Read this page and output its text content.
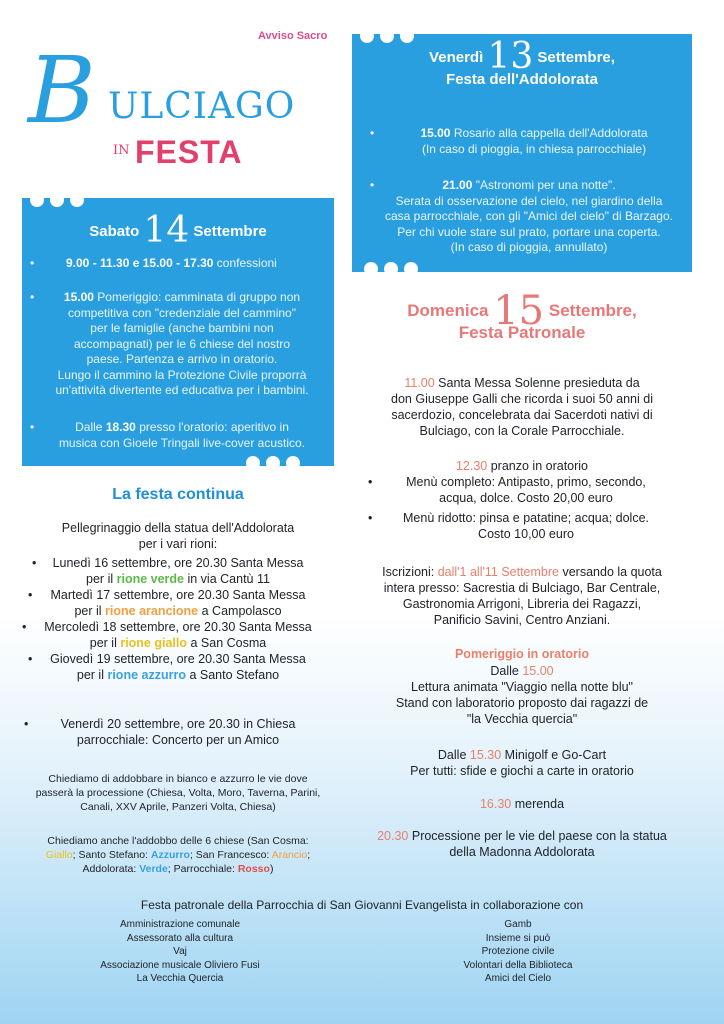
Avviso Sacro
B ULCIAGO
IN FESTA
Venerdì 13 Settembre,
Festa dell'Addolorata
•	15.00 Rosario alla cappella dell'Addolorata
(In caso di pioggia, in chiesa parrocchiale)
•	21.00 "Astronomi per una notte".
Serata di osservazione del cielo, nel giardino della
casa parrocchiale, con gli "Amici del cielo" di Barzago.
Per chi vuole stare sul prato, portare una coperta.
(In caso di pioggia, annullato)
Sabato 14 Settembre
•	9.00 - 11.30 e 15.00 - 17.30 confessioni
• 15.00 Pomeriggio: camminata di gruppo non
competitiva con "credenziale del cammino"
per le famiglie (anche bambini non
accompagnati) per le 6 chiese del nostro
paese. Partenza e arrivo in oratorio.
Lungo il cammino la Protezione Civile proporrà
un'attività divertente ed educativa per i bambini.
•	Dalle 18.30 presso l'oratorio: aperitivo in
musica con Gioele Tringali live-cover acustico.
La festa continua
Pellegrinaggio della statua dell'Addolorata
per i vari rioni:
• Lunedì 16 settembre, ore 20.30 Santa Messa
per il rione verde in via Cantù 11
• Martedì 17 settembre, ore 20.30 Santa Messa
per il rione arancione a Campolasco
• Mercoledì 18 settembre, ore 20.30 Santa Messa
per il rione giallo a San Cosma
• Giovedì 19 settembre, ore 20.30 Santa Messa
per il rione azzurro a Santo Stefano
•	Venerdì 20 settembre, ore 20.30 in Chiesa
parrocchiale: Concerto per un Amico
Chiediamo di addobbare in bianco e azzurro le vie dove
passerà la processione (Chiesa, Volta, Moro, Taverna, Parini,
Canali, XXV Aprile, Panzeri Volta, Chiesa)
Chiediamo anche l'addobbo delle 6 chiese (San Cosma:
Giallo; Santo Stefano: Azzurro; San Francesco: Arancio;
Addolorata: Verde; Parrocchiale: Rosso)
Domenica 15 Settembre,
Festa Patronale
11.00 Santa Messa Solenne presieduta da
don Giuseppe Galli che ricorda i suoi 50 anni di
sacerdozio, concelebrata dai Sacerdoti nativi di
Bulciago, con la Corale Parrocchiale.
12.30 pranzo in oratorio
•	Menù completo: Antipasto, primo, secondo,
acqua, dolce. Costo 20,00 euro
• Menù ridotto: pinsa e patatine; acqua; dolce.
Costo 10,00 euro
Iscrizioni: dall'1 all'11 Settembre versando la quota
intera presso: Sacrestia di Bulciago, Bar Centrale,
Gastronomia Arrigoni, Libreria dei Ragazzi,
Panificio Savini, Centro Anziani.
Pomeriggio in oratorio
Dalle 15.00
Lettura animata "Viaggio nella notte blu"
Stand con laboratorio proposto dai ragazzi de
"la Vecchia quercia"
Dalle 15.30 Minigolf e Go-Cart
Per tutti: sfide e giochi a carte in oratorio
16.30 merenda
20.30 Processione per le vie del paese con la statua
della Madonna Addolorata
Festa patronale della Parrocchia di San Giovanni Evangelista in collaborazione con
Amministrazione comunale
Assessorato alla cultura
Vaj
Associazione musicale Oliviero Fusi
La Vecchia Quercia
Gamb
Insieme si può
Protezione civile
Volontari della Biblioteca
Amici del Cielo
